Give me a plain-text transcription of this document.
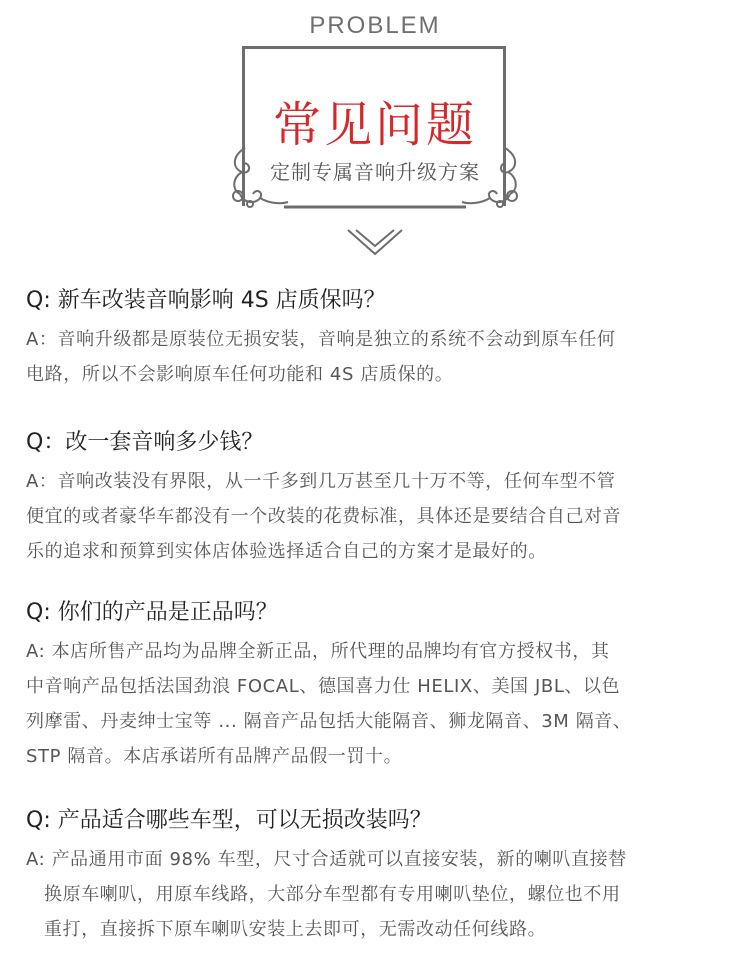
PROBLEM
常见问题
定制专属音响升级方案
Q: 新车改装音响影响 4S 店质保吗？
A：音响升级都是原装位无损安装，音响是独立的系统不会动到原车任何
电路，所以不会影响原车任何功能和 4S 店质保的。
Q：改一套音响多少钱？
A：音响改装没有界限，从一千多到几万甚至几十万不等，任何车型不管
便宜的或者豪华车都没有一个改装的花费标准，具体还是要结合自己对音
乐的追求和预算到实体店体验选择适合自己的方案才是最好的。
Q: 你们的产品是正品吗？
A: 本店所售产品均为品牌全新正品，所代理的品牌均有官方授权书，其
中音响产品包括法国劲浪 FOCAL、德国喜力仕 HELIX、美国 JBL、以色
列摩雷、丹麦绅士宝等 ... 隔音产品包括大能隔音、狮龙隔音、3M 隔音、
STP 隔音。本店承诺所有品牌产品假一罚十。
Q: 产品适合哪些车型，可以无损改装吗？
A: 产品通用市面 98% 车型，尺寸合适就可以直接安装，新的喇叭直接替
换原车喇叭，用原车线路，大部分车型都有专用喇叭垫位，螺位也不用
重打，直接拆下原车喇叭安装上去即可，无需改动任何线路。
